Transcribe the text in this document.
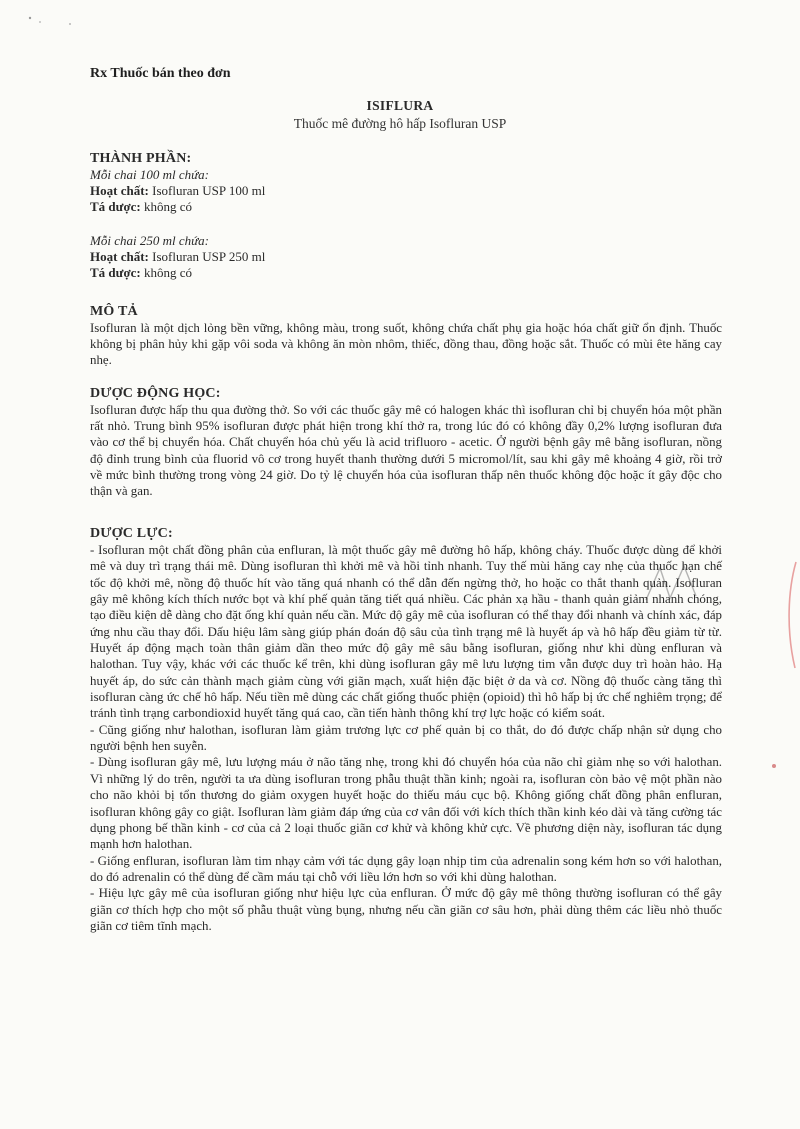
Rx Thuốc bán theo đơn
ISIFLURA
Thuốc mê đường hô hấp Isofluran USP
THÀNH PHẦN:
Mỗi chai 100 ml chứa:
Hoạt chất: Isofluran USP 100 ml
Tá dược: không có
Mỗi chai 250 ml chứa:
Hoạt chất: Isofluran USP 250 ml
Tá dược: không có
MÔ TẢ
Isofluran là một dịch lỏng bền vững, không màu, trong suốt, không chứa chất phụ gia hoặc hóa chất giữ ổn định. Thuốc không bị phân hủy khi gặp vôi soda và không ăn mòn nhôm, thiếc, đồng thau, đồng hoặc sắt. Thuốc có mùi ête hăng cay nhẹ.
DƯỢC ĐỘNG HỌC:
Isofluran được hấp thu qua đường thở. So với các thuốc gây mê có halogen khác thì isofluran chỉ bị chuyển hóa một phần rất nhỏ. Trung bình 95% isofluran được phát hiện trong khí thở ra, trong lúc đó có không đầy 0,2% lượng isofluran đưa vào cơ thể bị chuyển hóa. Chất chuyển hóa chủ yếu là acid trifluoro - acetic. Ở người bệnh gây mê bằng isofluran, nồng độ đỉnh trung bình của fluorid vô cơ trong huyết thanh thường dưới 5 micromol/lít, sau khi gây mê khoảng 4 giờ, rồi trở về mức bình thường trong vòng 24 giờ. Do tỷ lệ chuyển hóa của isofluran thấp nên thuốc không độc hoặc ít gây độc cho thận và gan.
DƯỢC LỰC:

- Isofluran một chất đồng phân của enfluran, là một thuốc gây mê đường hô hấp, không cháy. Thuốc được dùng để khởi mê và duy trì trạng thái mê. Dùng isofluran thì khởi mê và hồi tỉnh nhanh. Tuy thế mùi hăng cay nhẹ của thuốc hạn chế tốc độ khởi mê, nồng độ thuốc hít vào tăng quá nhanh có thể dẫn đến ngừng thở, ho hoặc co thắt thanh quản. Isofluran gây mê không kích thích nước bọt và khí phế quản tăng tiết quá nhiều. Các phản xạ hầu - thanh quản giảm nhanh chóng, tạo điều kiện dễ dàng cho đặt ống khí quản nếu cần. Mức độ gây mê của isofluran có thể thay đổi nhanh và chính xác, đáp ứng nhu cầu thay đổi. Dấu hiệu lâm sàng giúp phán đoán độ sâu của tình trạng mê là huyết áp và hô hấp đều giảm từ từ. Huyết áp động mạch toàn thân giảm dần theo mức độ gây mê sâu bằng isofluran, giống như khi dùng enfluran và halothan. Tuy vậy, khác với các thuốc kể trên, khi dùng isofluran gây mê lưu lượng tim vẫn được duy trì hoàn hảo. Hạ huyết áp, do sức cản thành mạch giảm cùng với giãn mạch, xuất hiện đặc biệt ở da và cơ. Nồng độ thuốc càng tăng thì isofluran càng ức chế hô hấp. Nếu tiền mê dùng các chất giống thuốc phiện (opioid) thì hô hấp bị ức chế nghiêm trọng; để tránh tình trạng carbondioxid huyết tăng quá cao, cần tiến hành thông khí trợ lực hoặc có kiểm soát.

- Cũng giống như halothan, isofluran làm giảm trương lực cơ phế quản bị co thắt, do đó được chấp nhận sử dụng cho người bệnh hen suyễn.

- Dùng isofluran gây mê, lưu lượng máu ở não tăng nhẹ, trong khi đó chuyển hóa của não chỉ giảm nhẹ so với halothan. Vì những lý do trên, người ta ưa dùng isofluran trong phẫu thuật thần kinh; ngoài ra, isofluran còn bảo vệ một phần nào cho não khỏi bị tổn thương do giảm oxygen huyết hoặc do thiếu máu cục bộ. Không giống chất đồng phân enfluran, isofluran không gây co giật. Isofluran làm giảm đáp ứng của cơ vân đối với kích thích thần kinh kéo dài và tăng cường tác dụng phong bế thần kinh - cơ của cả 2 loại thuốc giãn cơ khử và không khử cực. Về phương diện này, isofluran tác dụng mạnh hơn halothan.

- Giống enfluran, isofluran làm tim nhạy cảm với tác dụng gây loạn nhịp tim của adrenalin song kém hơn so với halothan, do đó adrenalin có thể dùng để cầm máu tại chỗ với liều lớn hơn so với khi dùng halothan.

- Hiệu lực gây mê của isofluran giống như hiệu lực của enfluran. Ở mức độ gây mê thông thường isofluran có thể gây giãn cơ thích hợp cho một số phẫu thuật vùng bụng, nhưng nếu cần giãn cơ sâu hơn, phải dùng thêm các liều nhỏ thuốc giãn cơ tiêm tĩnh mạch.
